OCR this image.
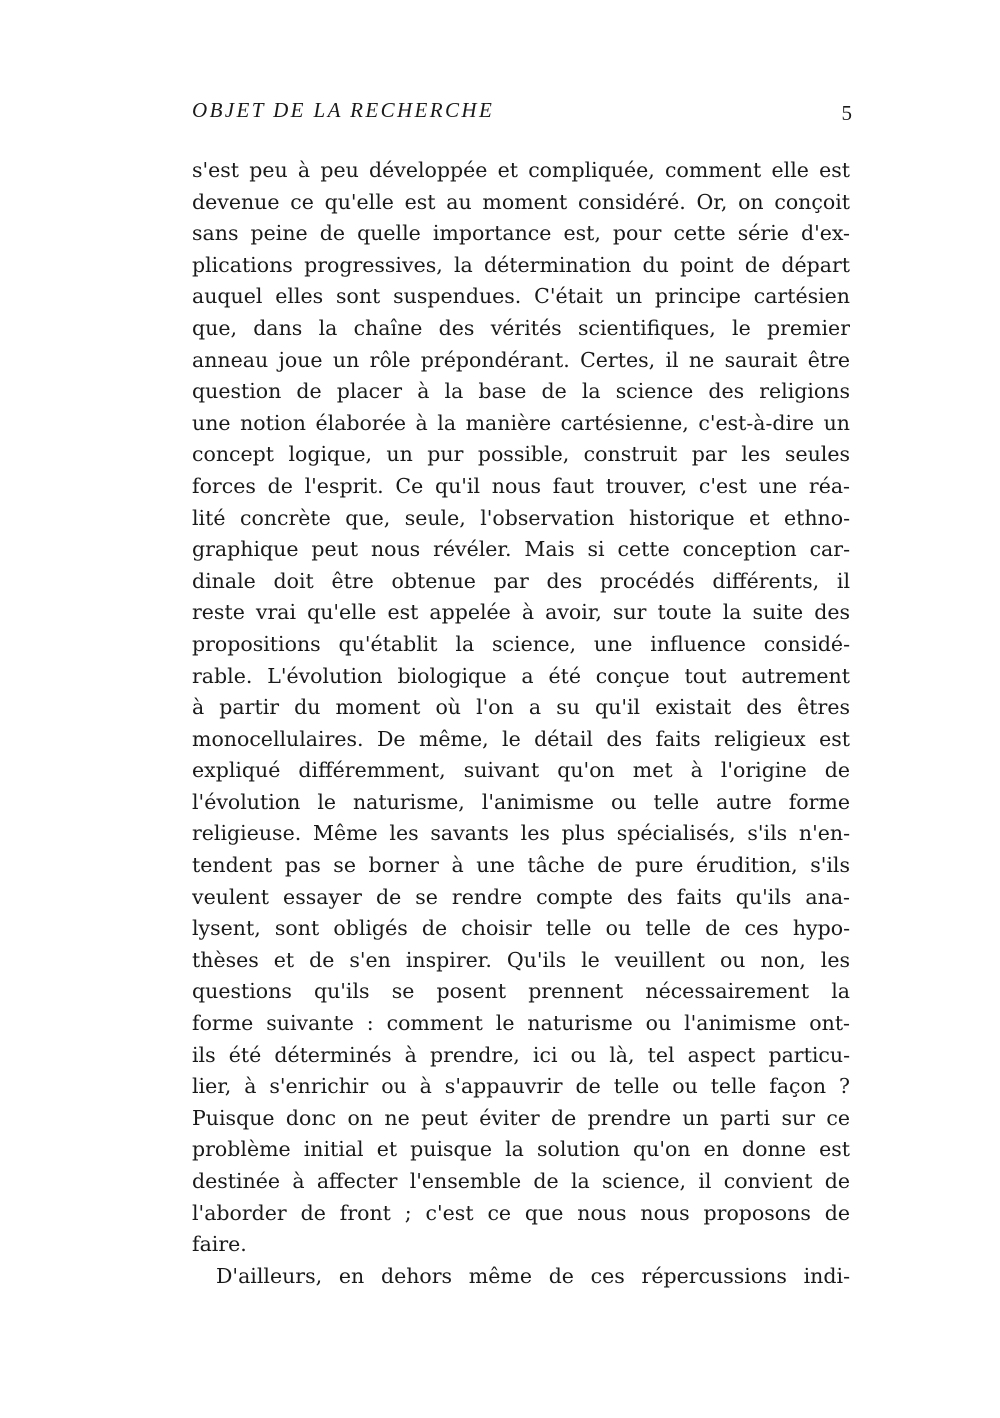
OBJET DE LA RECHERCHE	5
s'est peu à peu développée et compliquée, comment elle est
devenue ce qu'elle est au moment considéré. Or, on conçoit
sans peine de quelle importance est, pour cette série d'ex-
plications progressives, la détermination du point de départ
auquel elles sont suspendues. C'était un principe cartésien
que, dans la chaîne des vérités scientifiques, le premier
anneau joue un rôle prépondérant. Certes, il ne saurait être
question de placer à la base de la science des religions
une notion élaborée à la manière cartésienne, c'est-à-dire un
concept logique, un pur possible, construit par les seules
forces de l'esprit. Ce qu'il nous faut trouver, c'est une réa-
lité concrète que, seule, l'observation historique et ethno-
graphique peut nous révéler. Mais si cette conception car-
dinale doit être obtenue par des procédés différents, il
reste vrai qu'elle est appelée à avoir, sur toute la suite des
propositions qu'établit la science, une influence considé-
rable. L'évolution biologique a été conçue tout autrement
à partir du moment où l'on a su qu'il existait des êtres
monocellulaires. De même, le détail des faits religieux est
expliqué différemment, suivant qu'on met à l'origine de
l'évolution le naturisme, l'animisme ou telle autre forme
religieuse. Même les savants les plus spécialisés, s'ils n'en-
tendent pas se borner à une tâche de pure érudition, s'ils
veulent essayer de se rendre compte des faits qu'ils ana-
lysent, sont obligés de choisir telle ou telle de ces hypo-
thèses et de s'en inspirer. Qu'ils le veuillent ou non, les
questions qu'ils se posent prennent nécessairement la
forme suivante : comment le naturisme ou l'animisme ont-
ils été déterminés à prendre, ici ou là, tel aspect particu-
lier, à s'enrichir ou à s'appauvrir de telle ou telle façon ?
Puisque donc on ne peut éviter de prendre un parti sur ce
problème initial et puisque la solution qu'on en donne est
destinée à affecter l'ensemble de la science, il convient de
l'aborder de front ; c'est ce que nous nous proposons de
faire.
D'ailleurs, en dehors même de ces répercussions indi-
